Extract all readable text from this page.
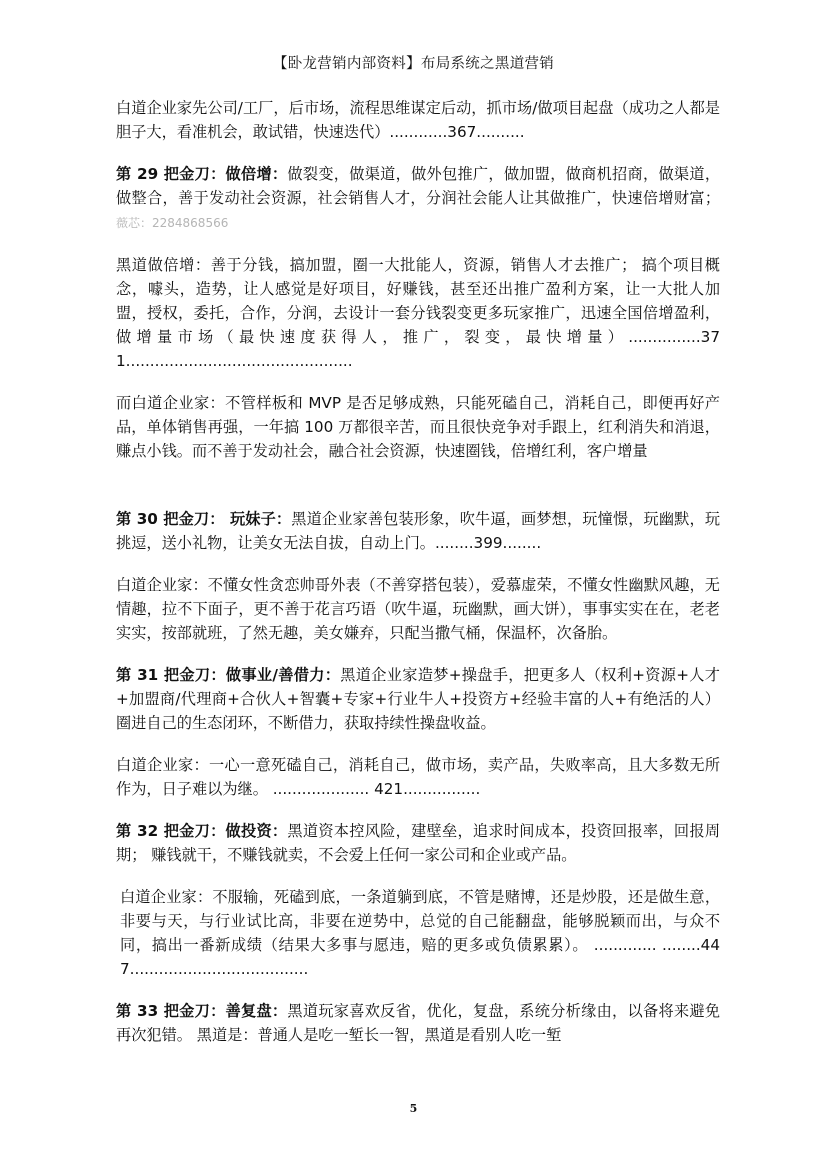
【卧龙营销内部资料】布局系统之黑道营销

白道企业家先公司/工厂，后市场，流程思维谋定后动，抓市场/做项目起盘（成功之人都是胆子大，看准机会，敢试错，快速迭代）............367..........

第 29 把金刀：做倍增：做裂变，做渠道，做外包推广，做加盟，做商机招商，做渠道，做整合，善于发动社会资源，社会销售人才，分润社会能人让其做推广，快速倍增财富；薇芯：2284868566

黑道做倍增：善于分钱，搞加盟，圈一大批能人，资源，销售人才去推广； 搞个项目概念，噱头，造势，让人感觉是好项目，好赚钱，甚至还出推广盈利方案，让一大批人加盟，授权，委托，合作，分润，去设计一套分钱裂变更多玩家推广，迅速全国倍增盈利， 做增量市场（最快速度获得人，推广，裂变，最快增量）...............371...............................................

而白道企业家：不管样板和 MVP 是否足够成熟，只能死磕自己，消耗自己，即便再好产品，单体销售再强，一年搞 100 万都很辛苦，而且很快竞争对手跟上，红利消失和消退，赚点小钱。而不善于发动社会，融合社会资源，快速圈钱，倍增红利，客户增量

第 30 把金刀： 玩妹子：黑道企业家善包装形象，吹牛逼，画梦想，玩憧憬，玩幽默，玩挑逗，送小礼物，让美女无法自拔，自动上门。........399........

白道企业家：不懂女性贪恋帅哥外表（不善穿搭包装），爱慕虚荣，不懂女性幽默风趣，无情趣，拉不下面子，更不善于花言巧语（吹牛逼，玩幽默，画大饼），事事实实在在，老老实实，按部就班，了然无趣，美女嫌弃，只配当撒气桶，保温杯，次备胎。

第 31 把金刀：做事业/善借力：黑道企业家造梦+操盘手，把更多人（权利+资源+人才+加盟商/代理商+合伙人+智囊+专家+行业牛人+投资方+经验丰富的人+有绝活的人）圈进自己的生态闭环，不断借力，获取持续性操盘收益。

白道企业家：一心一意死磕自己，消耗自己，做市场，卖产品，失败率高，且大多数无所作为，日子难以为继。 .................... 421................

第 32 把金刀：做投资：黑道资本控风险，建壁垒，追求时间成本，投资回报率，回报周期； 赚钱就干，不赚钱就卖，不会爱上任何一家公司和企业或产品。

白道企业家：不服输，死磕到底，一条道躺到底，不管是赌博，还是炒股，还是做生意，非要与天，与行业试比高，非要在逆势中，总觉的自己能翻盘，能够脱颖而出，与众不同，搞出一番新成绩（结果大多事与愿违，赔的更多或负债累累）。 ............. ........447.....................................

第 33 把金刀：善复盘：黑道玩家喜欢反省，优化，复盘，系统分析缘由，以备将来避免再次犯错。 黑道是：普通人是吃一堑长一智，黑道是看别人吃一堑

5
